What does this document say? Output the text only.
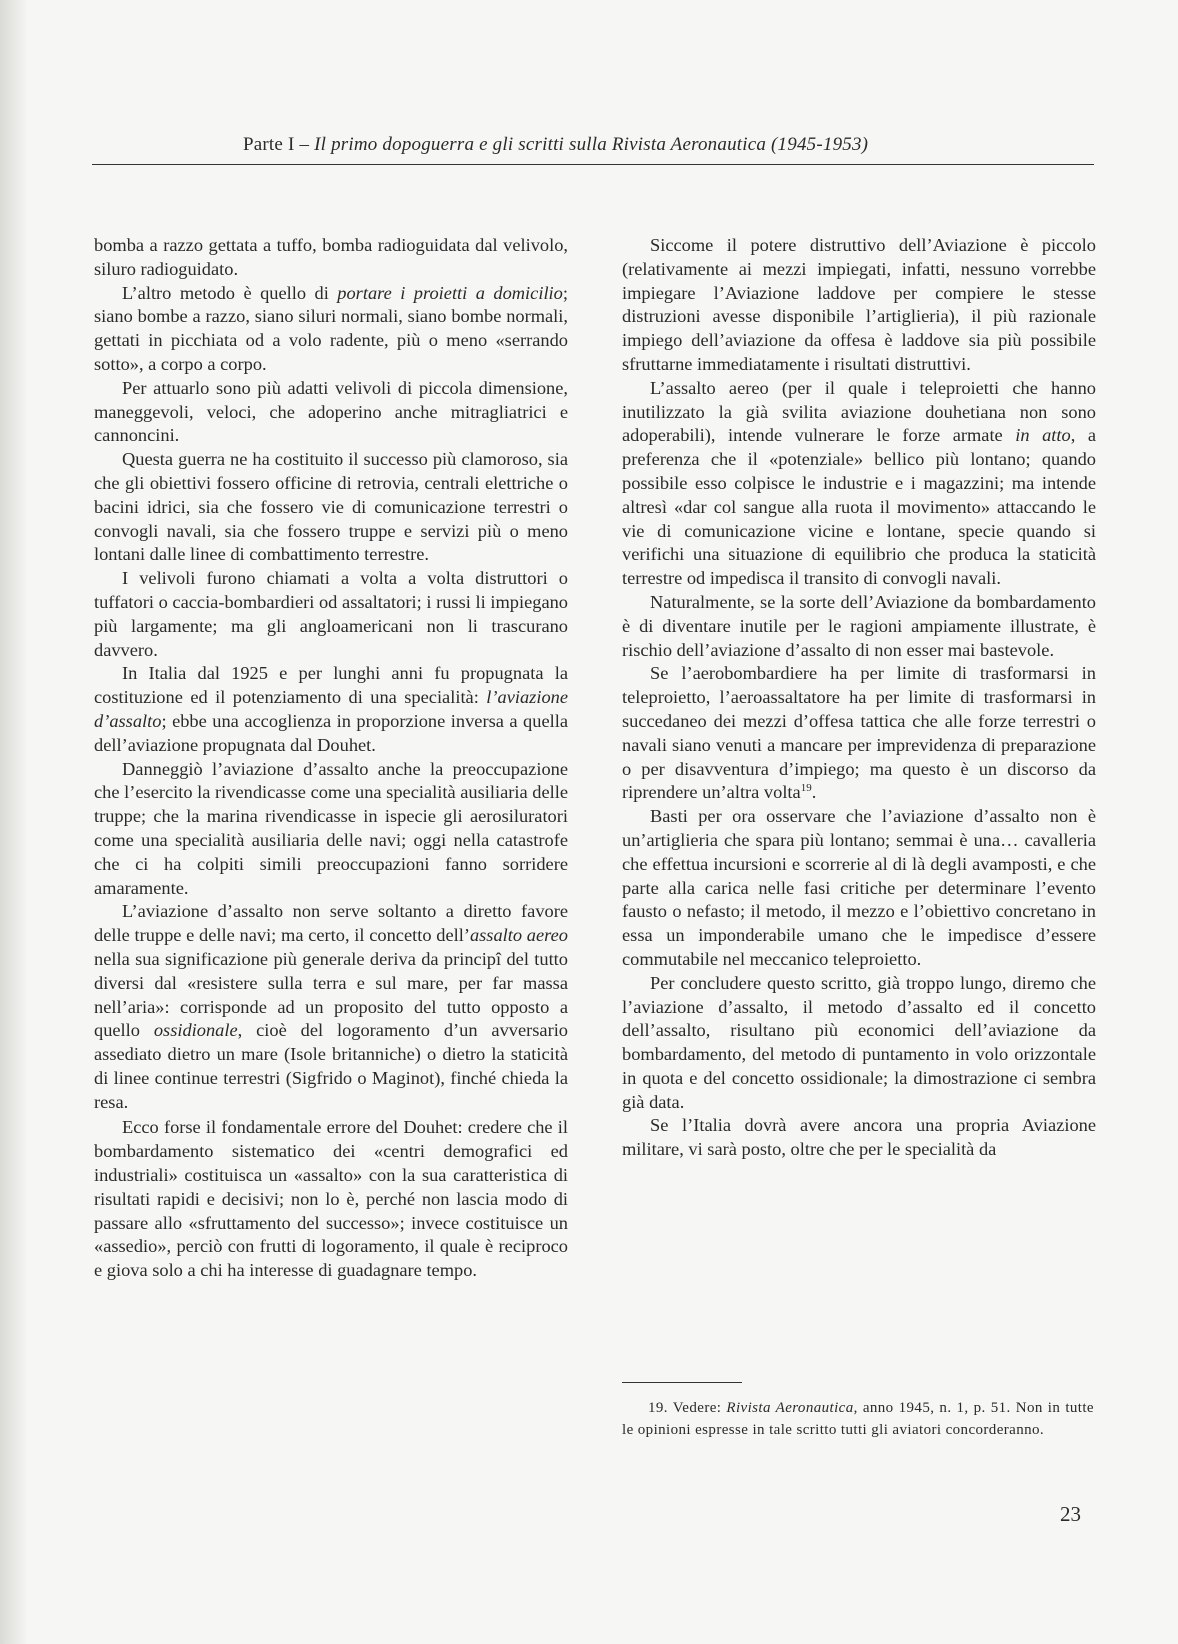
Parte I – Il primo dopoguerra e gli scritti sulla Rivista Aeronautica (1945-1953)

bomba a razzo gettata a tuffo, bomba radioguidata dal velivolo, siluro radioguidato.

L’altro metodo è quello di portare i proietti a domicilio; siano bombe a razzo, siano siluri normali, siano bombe normali, gettati in picchiata od a volo radente, più o meno «serrando sotto», a corpo a corpo.

Per attuarlo sono più adatti velivoli di piccola dimensione, maneggevoli, veloci, che adoperino anche mitragliatrici e cannoncini.

Questa guerra ne ha costituito il successo più clamoroso, sia che gli obiettivi fossero officine di retrovia, centrali elettriche o bacini idrici, sia che fossero vie di comunicazione terrestri o convogli navali, sia che fossero truppe e servizi più o meno lontani dalle linee di combattimento terrestre.

I velivoli furono chiamati a volta a volta distruttori o tuffatori o caccia-bombardieri od assaltatori; i russi li impiegano più largamente; ma gli angloamericani non li trascurano davvero.

In Italia dal 1925 e per lunghi anni fu propugnata la costituzione ed il potenziamento di una specialità: l’aviazione d’assalto; ebbe una accoglienza in proporzione inversa a quella dell’aviazione propugnata dal Douhet.

Danneggiò l’aviazione d’assalto anche la preoccupazione che l’esercito la rivendicasse come una specialità ausiliaria delle truppe; che la marina rivendicasse in ispecie gli aerosiluratori come una specialità ausiliaria delle navi; oggi nella catastrofe che ci ha colpiti simili preoccupazioni fanno sorridere amaramente.

L’aviazione d’assalto non serve soltanto a diretto favore delle truppe e delle navi; ma certo, il concetto dell’assalto aereo nella sua significazione più generale deriva da principî del tutto diversi dal «resistere sulla terra e sul mare, per far massa nell’aria»: corrisponde ad un proposito del tutto opposto a quello ossidionale, cioè del logoramento d’un avversario assediato dietro un mare (Isole britanniche) o dietro la staticità di linee continue terrestri (Sigfrido o Maginot), finché chieda la resa.

Ecco forse il fondamentale errore del Douhet: credere che il bombardamento sistematico dei «centri demografici ed industriali» costituisca un «assalto» con la sua caratteristica di risultati rapidi e decisivi; non lo è, perché non lascia modo di passare allo «sfruttamento del successo»; invece costituisce un «assedio», perciò con frutti di logoramento, il quale è reciproco e giova solo a chi ha interesse di guadagnare tempo.

Siccome il potere distruttivo dell’Aviazione è piccolo (relativamente ai mezzi impiegati, infatti, nessuno vorrebbe impiegare l’Aviazione laddove per compiere le stesse distruzioni avesse disponibile l’artiglieria), il più razionale impiego dell’aviazione da offesa è laddove sia più possibile sfruttarne immediatamente i risultati distruttivi.

L’assalto aereo (per il quale i teleproietti che hanno inutilizzato la già svilita aviazione douhetiana non sono adoperabili), intende vulnerare le forze armate in atto, a preferenza che il «potenziale» bellico più lontano; quando possibile esso colpisce le industrie e i magazzini; ma intende altresì «dar col sangue alla ruota il movimento» attaccando le vie di comunicazione vicine e lontane, specie quando si verifichi una situazione di equilibrio che produca la staticità terrestre od impedisca il transito di convogli navali.

Naturalmente, se la sorte dell’Aviazione da bombardamento è di diventare inutile per le ragioni ampiamente illustrate, è rischio dell’aviazione d’assalto di non esser mai bastevole.

Se l’aerobombardiere ha per limite di trasformarsi in teleproietto, l’aeroassaltatore ha per limite di trasformarsi in succedaneo dei mezzi d’offesa tattica che alle forze terrestri o navali siano venuti a mancare per imprevidenza di preparazione o per disavventura d’impiego; ma questo è un discorso da riprendere un’altra volta$^{19}$.

Basti per ora osservare che l’aviazione d’assalto non è un’artiglieria che spara più lontano; semmai è una… cavalleria che effettua incursioni e scorrerie al di là degli avamposti, e che parte alla carica nelle fasi critiche per determinare l’evento fausto o nefasto; il metodo, il mezzo e l’obiettivo concretano in essa un imponderabile umano che le impedisce d’essere commutabile nel meccanico teleproietto.

Per concludere questo scritto, già troppo lungo, diremo che l’aviazione d’assalto, il metodo d’assalto ed il concetto dell’assalto, risultano più economici dell’aviazione da bombardamento, del metodo di puntamento in volo orizzontale in quota e del concetto ossidionale; la dimostrazione ci sembra già data.

Se l’Italia dovrà avere ancora una propria Aviazione militare, vi sarà posto, oltre che per le specialità da

19. Vedere: Rivista Aeronautica, anno 1945, n. 1, p. 51. Non in tutte le opinioni espresse in tale scritto tutti gli aviatori concorderanno.

23
